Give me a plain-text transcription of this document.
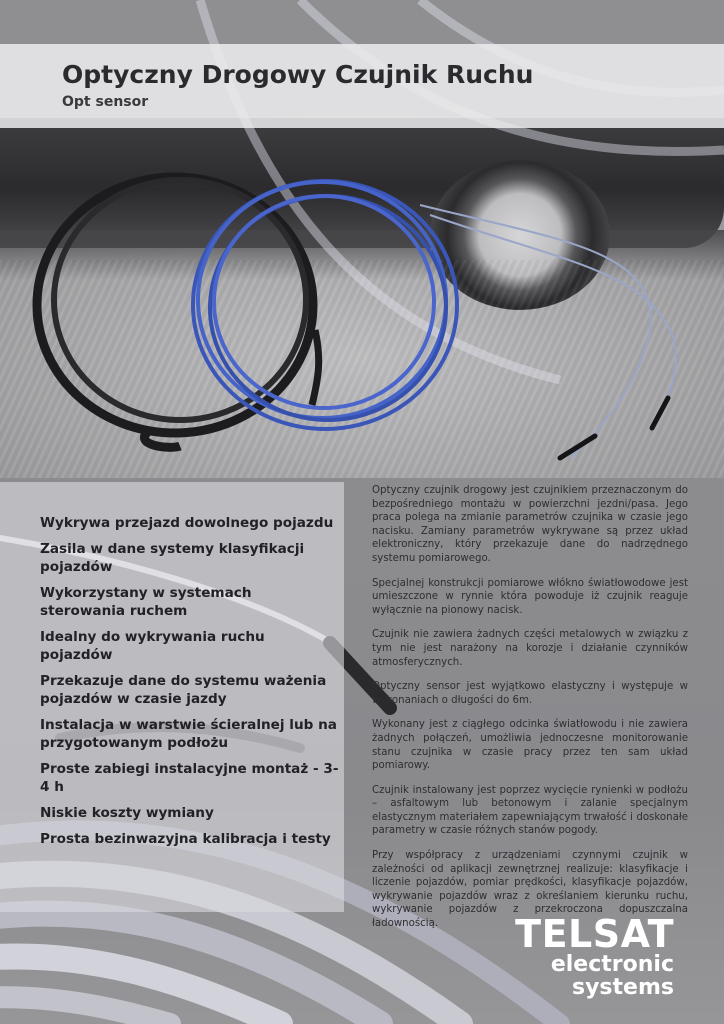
Optyczny Drogowy Czujnik Ruchu
Opt sensor
Wykrywa przejazd dowolnego pojazdu
Zasila w dane systemy klasyfikacji pojazdów
Wykorzystany w systemach sterowania ruchem
Idealny do wykrywania ruchu pojazdów
Przekazuje dane do systemu ważenia pojazdów w czasie jazdy
Instalacja w warstwie ścieralnej lub na przygotowanym podłożu
Proste zabiegi instalacyjne montaż - 3-4 h
Niskie koszty wymiany
Prosta bezinwazyjna kalibracja i testy

Optyczny czujnik drogowy jest czujnikiem przeznaczonym do bezpośredniego montażu w powierzchni jezdni/pasa. Jego praca polega na zmianie parametrów czujnika w czasie jego nacisku. Zamiany parametrów wykrywane są przez układ elektroniczny, który przekazuje dane do nadrzędnego systemu pomiarowego.

Specjalnej konstrukcji pomiarowe włókno światłowodowe jest umieszczone w rynnie która powoduje iż czujnik reaguje wyłącznie na pionowy nacisk.

Czujnik nie zawiera żadnych części metalowych w związku z tym nie jest narażony na korozje i działanie czynników atmosferycznych.

Optyczny sensor jest wyjątkowo elastyczny i występuje w wykonaniach o długości do 6m.

Wykonany jest z ciągłego odcinka światłowodu i nie zawiera żadnych połączeń, umożliwia jednoczesne monitorowanie stanu czujnika w czasie pracy przez ten sam układ pomiarowy.

Czujnik instalowany jest poprzez wycięcie rynienki w podłożu – asfaltowym lub betonowym i zalanie specjalnym elastycznym materiałem zapewniającym trwałość i doskonałe parametry w czasie różnych stanów pogody.

Przy współpracy z urządzeniami czynnymi czujnik w zależności od aplikacji zewnętrznej realizuje: klasyfikacje i liczenie pojazdów, pomiar prędkości, klasyfikacje pojazdów, wykrywanie pojazdów wraz z określaniem kierunku ruchu, wykrywanie pojazdów z przekroczona dopuszczalna ładownością.	TELSAT
electronic
systems
